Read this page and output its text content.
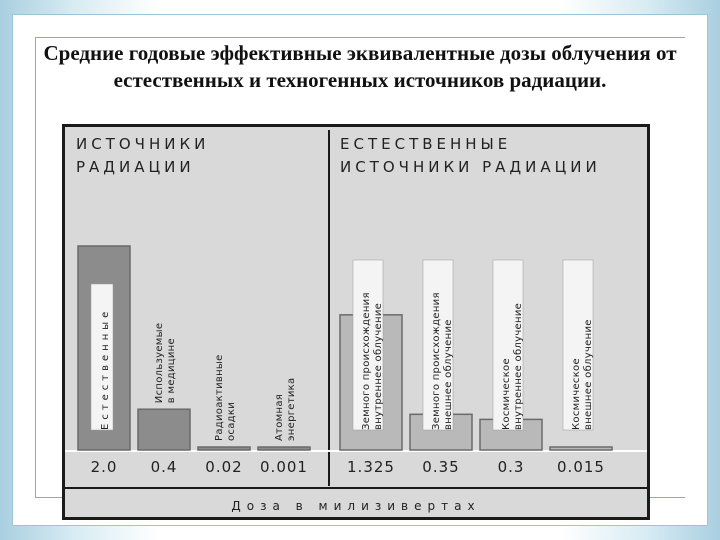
Средние годовые эффективные эквивалентные дозы облучения от естественных и техногенных источников радиации.
ИСТОЧНИКИ
РАДИАЦИИ
2.0
Естественные
0.4
Используемые в медицине
0.02
Радиоактивные осадки
0.001
Атомная энергетика
ЕСТЕСТВЕННЫЕ
ИСТОЧНИКИ РАДИАЦИИ
1.325
Земного происхождения внутреннее облучение
0.35
Земного происхождения внешнее облучение
0.3
Космическое внутреннее облучение
0.015
Космическое внешнее облучение
Доза в милизивертах
